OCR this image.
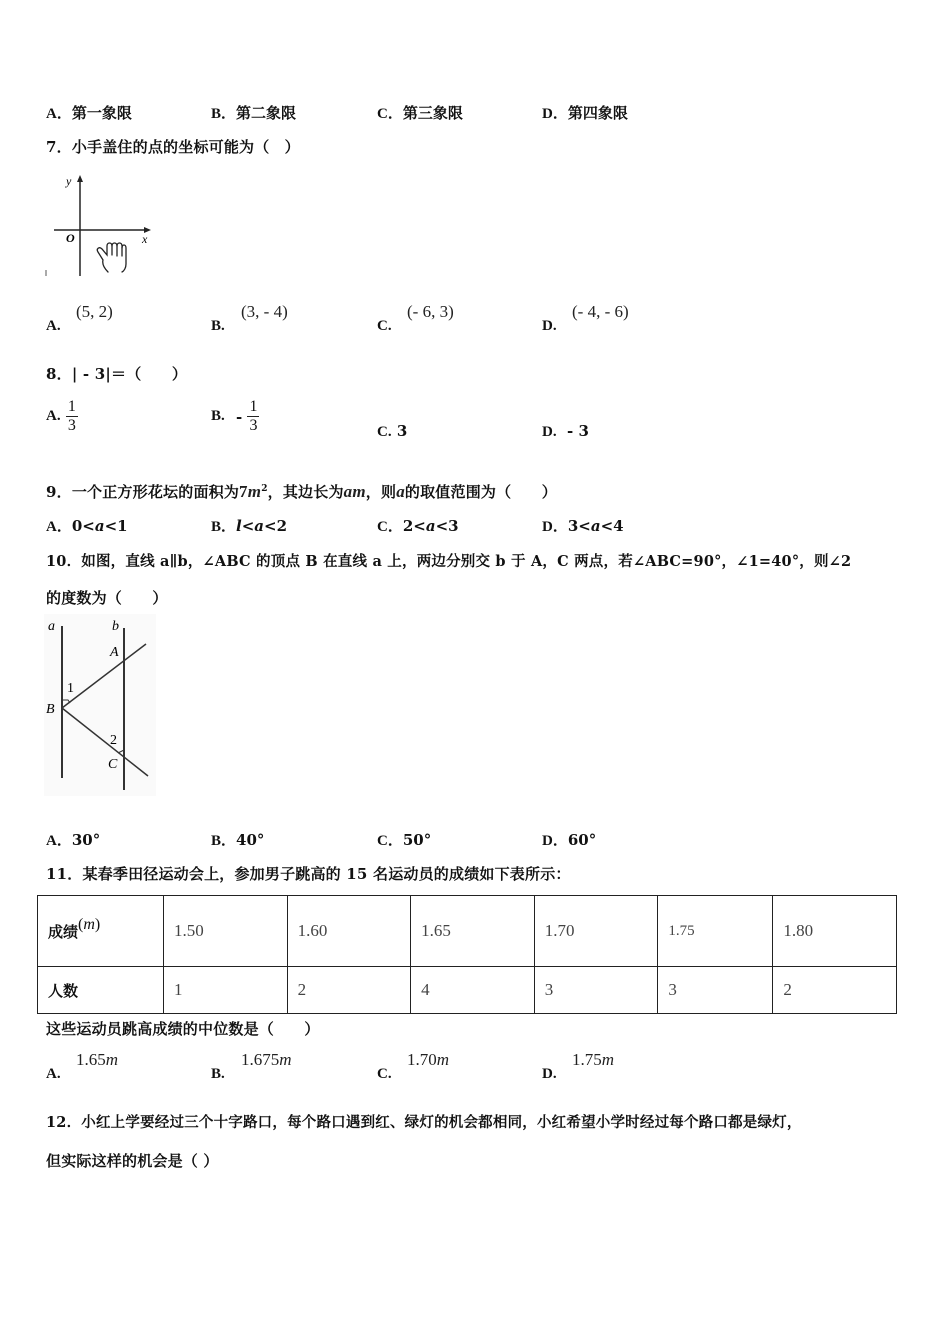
A．第一象限	B．第二象限	C．第三象限	D．第四象限
7．小手盖住的点的坐标可能为（　）
y
x
O
A.
(5, 2)
B.
(3, - 4)
C.
(- 6, 3)
D.
(- 4, - 6)
8．| - 3|＝（　　）
A. $\frac{1}{3}$	B. - $\frac{1}{3}$	C. 3	D. - 3
9．一个正方形花坛的面积为$7m^2$，其边长为am，则a的取值范围为（　　）
A．0<a<1	B．l<a<2	C．2<a<3	D．3<a<4
10．如图，直线 a∥b，∠ABC 的顶点 B 在直线 a 上，两边分别交 b 于 A，C 两点，若∠ABC=90°，∠1=40°，则∠2
的度数为（　　）
a	b
A
B
C
1
2
A．30°	B．40°	C．50°	D．60°
11．某春季田径运动会上，参加男子跳高的 15 名运动员的成绩如下表所示：
成绩(m)	1.50	1.60	1.65	1.70	1.75	1.80
人数	1	2	4	3	3	2
这些运动员跳高成绩的中位数是（　　）
A.
1.65m
B.
1.675m
C.
1.70m
D.
1.75m
12．小红上学要经过三个十字路口，每个路口遇到红、绿灯的机会都相同，小红希望小学时经过每个路口都是绿灯，
但实际这样的机会是（ ）
